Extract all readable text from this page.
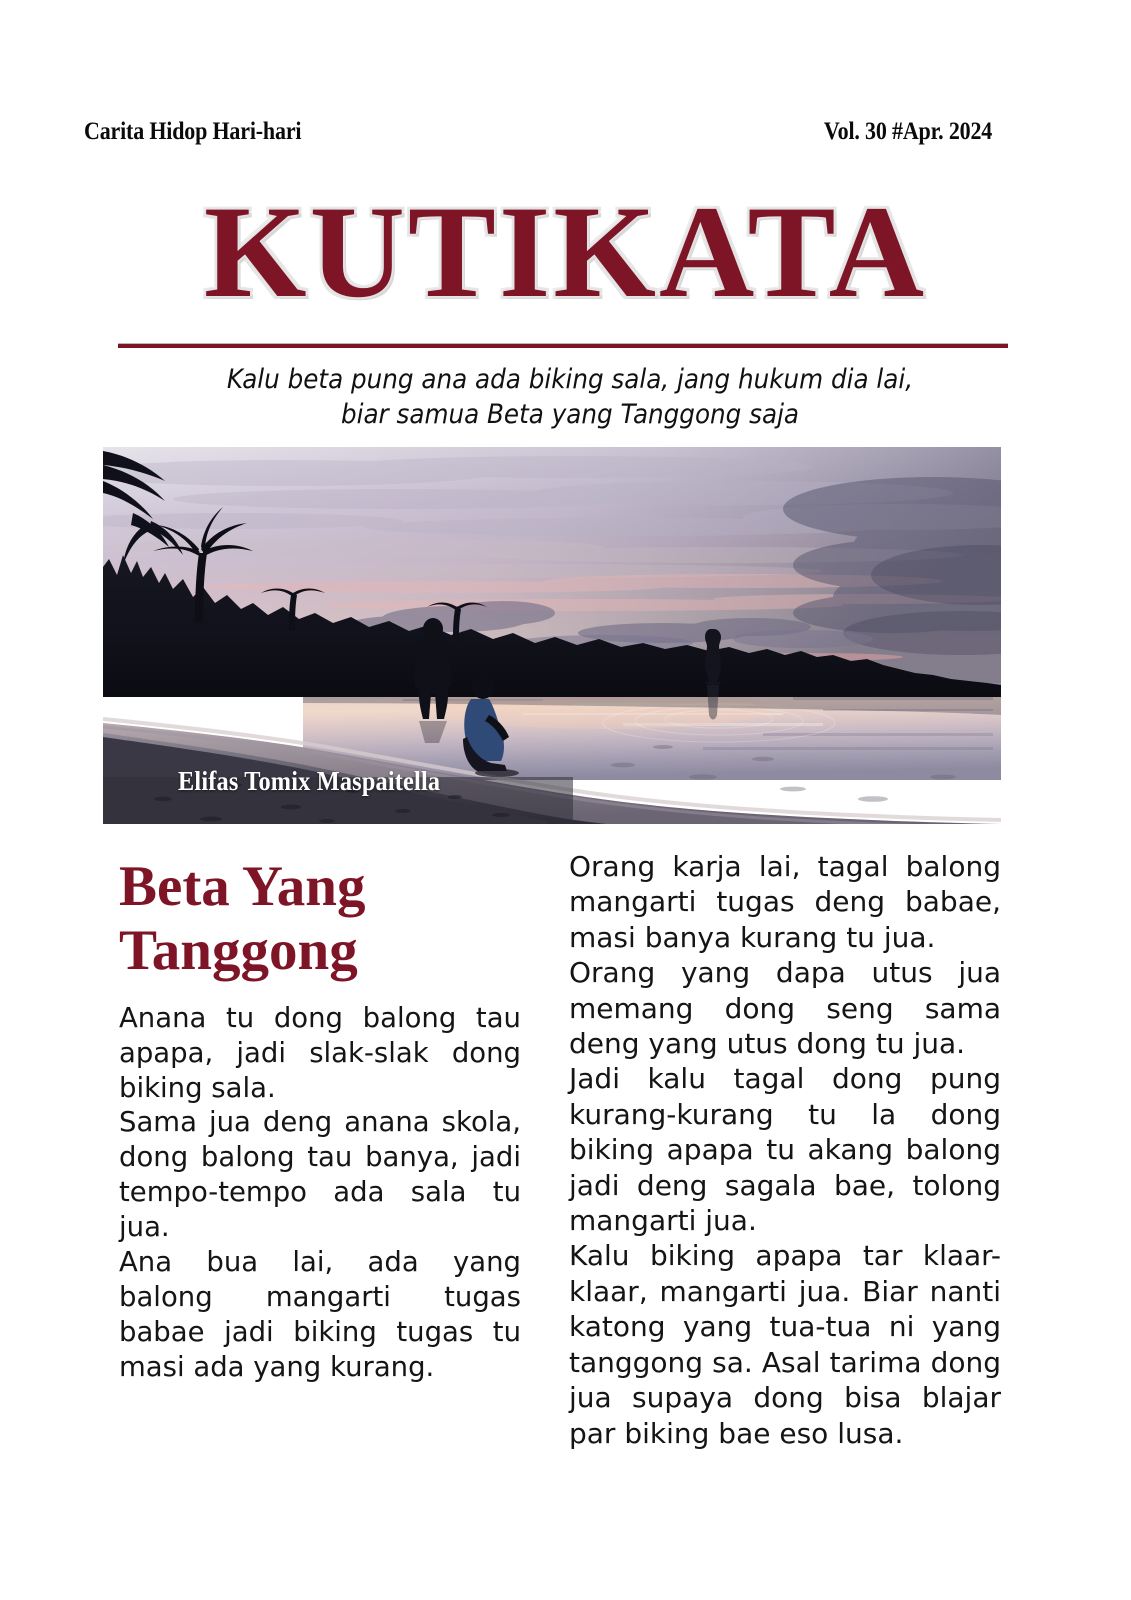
Carita Hidop Hari-hari	Vol. 30 #Apr. 2024
KUTIKATA
Kalu beta pung ana ada biking sala, jang hukum dia lai,
biar samua Beta yang Tanggong saja
Elifas Tomix Maspaitella
Beta Yang Tanggong

Anana tu dong balong tau apapa, jadi slak-slak dong biking sala.

Sama jua deng anana skola, dong balong tau banya, jadi tempo-tempo ada sala tu jua.

Ana bua lai, ada yang balong mangarti tugas babae jadi biking tugas tu masi ada yang kurang.

Orang karja lai, tagal balong mangarti tugas deng babae, masi banya kurang tu jua.

Orang yang dapa utus jua memang dong seng sama deng yang utus dong tu jua.

Jadi kalu tagal dong pung kurang-kurang tu la dong biking apapa tu akang balong jadi deng sagala bae, tolong mangarti jua.

Kalu biking apapa tar klaar-klaar, mangarti jua. Biar nanti katong yang tua-tua ni yang tanggong sa. Asal tarima dong jua supaya dong bisa blajar par biking bae eso lusa.
